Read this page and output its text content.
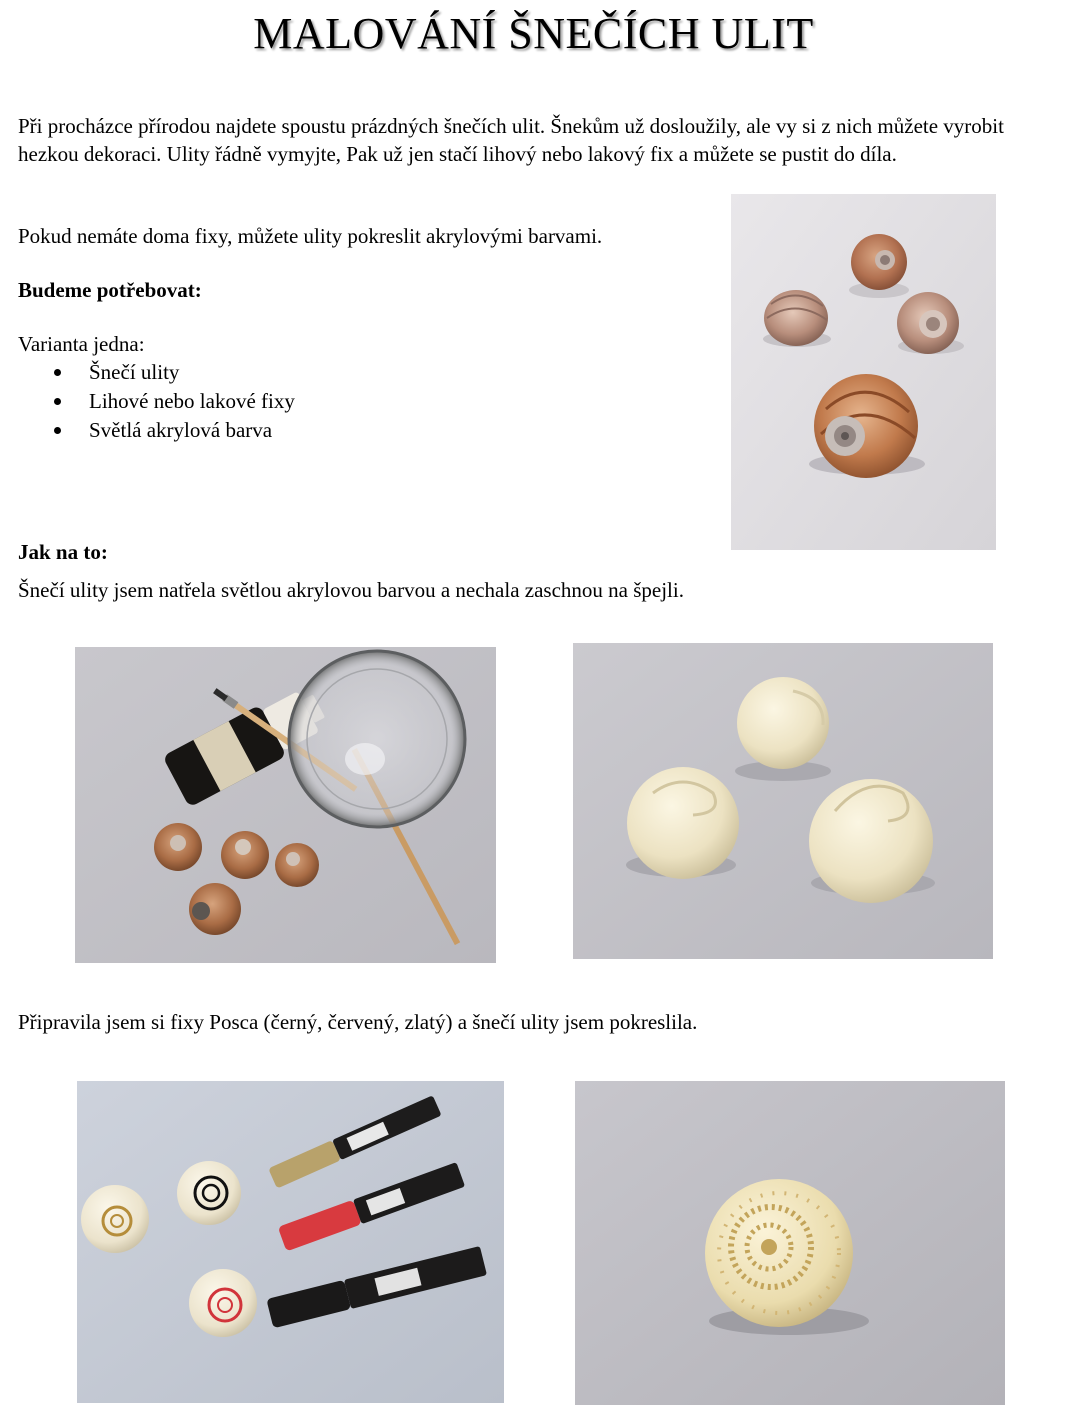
MALOVÁNÍ ŠNEČÍCH ULIT

Při procházce přírodou najdete spoustu prázdných šnečích ulit. Šnekům už dosloužily, ale vy si z nich můžete vyrobit hezkou dekoraci. Ulity řádně vymyjte, Pak už jen stačí lihový nebo lakový fix a můžete se pustit do díla.

Pokud nemáte doma fixy, můžete ulity pokreslit akrylovými barvami.

Budeme potřebovat:

Varianta jedna:

Šnečí ulity
Lihové nebo lakové fixy
Světlá akrylová barva

Jak na to:

Šnečí ulity jsem natřela světlou akrylovou barvou a nechala zaschnou na špejli.

Připravila jsem si fixy Posca (černý, červený, zlatý) a šnečí ulity jsem pokreslila.
